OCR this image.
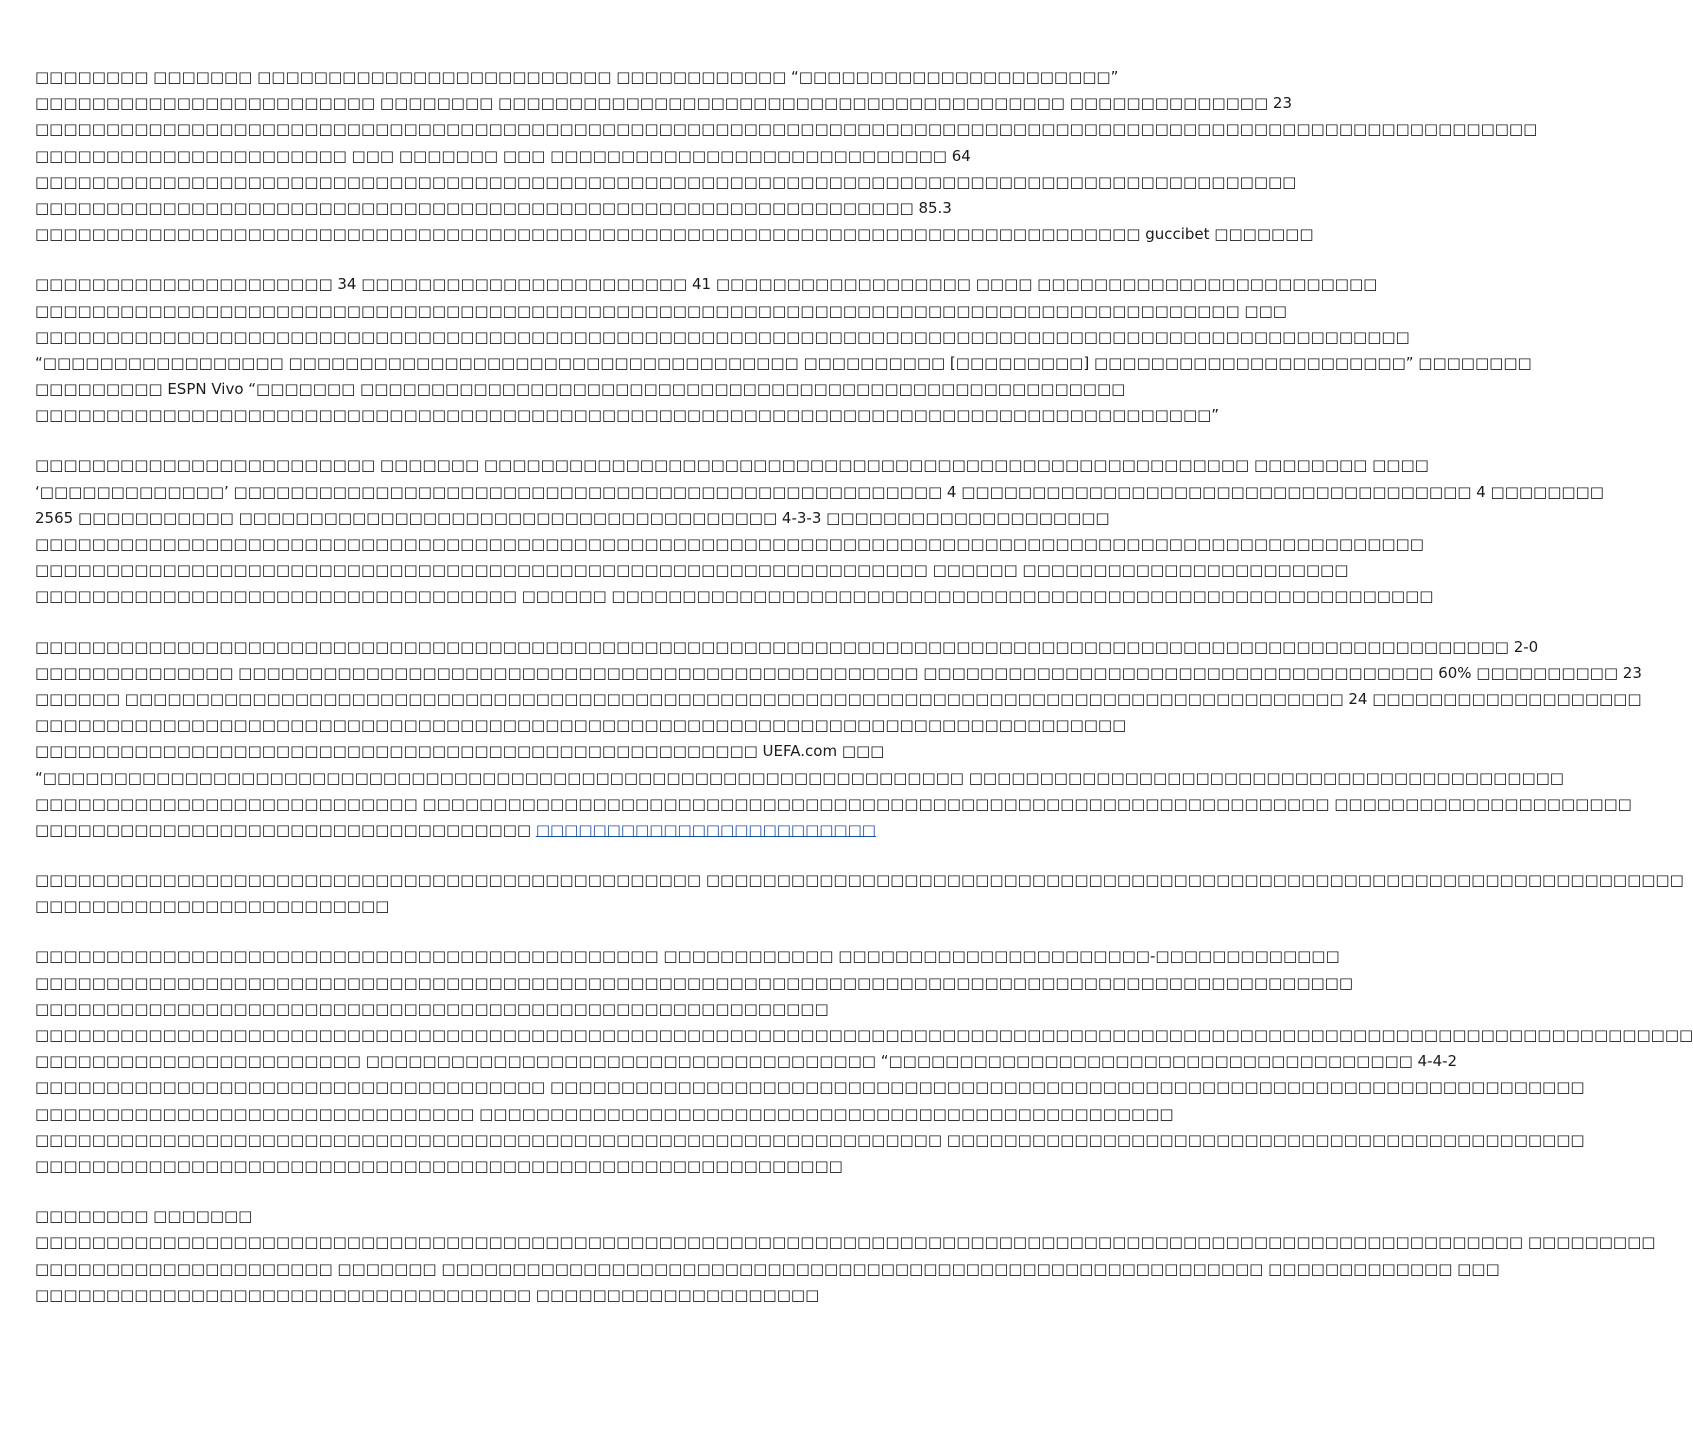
□□□□□□□□ □□□□□□□ □□□□□□□□□□□□□□□□□□□□□□□□□ □□□□□□□□□□□□ “□□□□□□□□□□□□□□□□□□□□□□”
□□□□□□□□□□□□□□□□□□□□□□□□ □□□□□□□□ □□□□□□□□□□□□□□□□□□□□□□□□□□□□□□□□□□□□□□□□ □□□□□□□□□□□□□□ 23
□□□□□□□□□□□□□□□□□□□□□□□□□□□□□□□□□□□□□□□□□□□□□□□□□□□□□□□□□□□□□□□□□□□□□□□□□□□□□□□□□□□□□□□□□□□□□□□□□□□□□□□□□□
□□□□□□□□□□□□□□□□□□□□□□ □□□ □□□□□□□ □□□ □□□□□□□□□□□□□□□□□□□□□□□□□□□□ 64
□□□□□□□□□□□□□□□□□□□□□□□□□□□□□□□□□□□□□□□□□□□□□□□□□□□□□□□□□□□□□□□□□□□□□□□□□□□□□□□□□□□□□□□□□
□□□□□□□□□□□□□□□□□□□□□□□□□□□□□□□□□□□□□□□□□□□□□□□□□□□□□□□□□□□□□□ 85.3
□□□□□□□□□□□□□□□□□□□□□□□□□□□□□□□□□□□□□□□□□□□□□□□□□□□□□□□□□□□□□□□□□□□□□□□□□□□□□□ guccibet □□□□□□□
□□□□□□□□□□□□□□□□□□□□□ 34 □□□□□□□□□□□□□□□□□□□□□□□ 41 □□□□□□□□□□□□□□□□□□ □□□□ □□□□□□□□□□□□□□□□□□□□□□□□
□□□□□□□□□□□□□□□□□□□□□□□□□□□□□□□□□□□□□□□□□□□□□□□□□□□□□□□□□□□□□□□□□□□□□□□□□□□□□□□□□□□□□ □□□
□□□□□□□□□□□□□□□□□□□□□□□□□□□□□□□□□□□□□□□□□□□□□□□□□□□□□□□□□□□□□□□□□□□□□□□□□□□□□□□□□□□□□□□□□□□□□□□□□
“□□□□□□□□□□□□□□□□□ □□□□□□□□□□□□□□□□□□□□□□□□□□□□□□□□□□□□ □□□□□□□□□□ [□□□□□□□□□] □□□□□□□□□□□□□□□□□□□□□□” □□□□□□□□
□□□□□□□□□ ESPN Vivo “□□□□□□□ □□□□□□□□□□□□□□□□□□□□□□□□□□□□□□□□□□□□□□□□□□□□□□□□□□□□□□
□□□□□□□□□□□□□□□□□□□□□□□□□□□□□□□□□□□□□□□□□□□□□□□□□□□□□□□□□□□□□□□□□□□□□□□□□□□□□□□□□□□”
□□□□□□□□□□□□□□□□□□□□□□□□ □□□□□□□ □□□□□□□□□□□□□□□□□□□□□□□□□□□□□□□□□□□□□□□□□□□□□□□□□□□□□□ □□□□□□□□ □□□□
‘□□□□□□□□□□□□□’ □□□□□□□□□□□□□□□□□□□□□□□□□□□□□□□□□□□□□□□□□□□□□□□□□□ 4 □□□□□□□□□□□□□□□□□□□□□□□□□□□□□□□□□□□□ 4 □□□□□□□□
2565 □□□□□□□□□□□ □□□□□□□□□□□□□□□□□□□□□□□□□□□□□□□□□□□□□□ 4-3-3 □□□□□□□□□□□□□□□□□□□□
□□□□□□□□□□□□□□□□□□□□□□□□□□□□□□□□□□□□□□□□□□□□□□□□□□□□□□□□□□□□□□□□□□□□□□□□□□□□□□□□□□□□□□□□□□□□□□□□□□
□□□□□□□□□□□□□□□□□□□□□□□□□□□□□□□□□□□□□□□□□□□□□□□□□□□□□□□□□□□□□□□ □□□□□□ □□□□□□□□□□□□□□□□□□□□□□□
□□□□□□□□□□□□□□□□□□□□□□□□□□□□□□□□□□ □□□□□□ □□□□□□□□□□□□□□□□□□□□□□□□□□□□□□□□□□□□□□□□□□□□□□□□□□□□□□□□□□
□□□□□□□□□□□□□□□□□□□□□□□□□□□□□□□□□□□□□□□□□□□□□□□□□□□□□□□□□□□□□□□□□□□□□□□□□□□□□□□□□□□□□□□□□□□□□□□□□□□□□□□□ 2-0
□□□□□□□□□□□□□□ □□□□□□□□□□□□□□□□□□□□□□□□□□□□□□□□□□□□□□□□□□□□□□□□ □□□□□□□□□□□□□□□□□□□□□□□□□□□□□□□□□□□□ 60% □□□□□□□□□□ 23
□□□□□□ □□□□□□□□□□□□□□□□□□□□□□□□□□□□□□□□□□□□□□□□□□□□□□□□□□□□□□□□□□□□□□□□□□□□□□□□□□□□□□□□□□□□□□ 24 □□□□□□□□□□□□□□□□□□□
□□□□□□□□□□□□□□□□□□□□□□□□□□□□□□□□□□□□□□□□□□□□□□□□□□□□□□□□□□□□□□□□□□□□□□□□□□□□□
□□□□□□□□□□□□□□□□□□□□□□□□□□□□□□□□□□□□□□□□□□□□□□□□□□□ UEFA.com □□□
“□□□□□□□□□□□□□□□□□□□□□□□□□□□□□□□□□□□□□□□□□□□□□□□□□□□□□□□□□□□□□□□□□ □□□□□□□□□□□□□□□□□□□□□□□□□□□□□□□□□□□□□□□□□□
□□□□□□□□□□□□□□□□□□□□□□□□□□□ □□□□□□□□□□□□□□□□□□□□□□□□□□□□□□□□□□□□□□□□□□□□□□□□□□□□□□□□□□□□□□□□ □□□□□□□□□□□□□□□□□□□□□
□□□□□□□□□□□□□□□□□□□□□□□□□□□□□□□□□□□ □□□□□□□□□□□□□□□□□□□□□□□□
□□□□□□□□□□□□□□□□□□□□□□□□□□□□□□□□□□□□□□□□□□□□□□□ □□□□□□□□□□□□□□□□□□□□□□□□□□□□□□□□□□□□□□□□□□□□□□□□□□□□□□□□□□□□□□□□□□□□□
□□□□□□□□□□□□□□□□□□□□□□□□□
□□□□□□□□□□□□□□□□□□□□□□□□□□□□□□□□□□□□□□□□□□□□ □□□□□□□□□□□□ □□□□□□□□□□□□□□□□□□□□□□-□□□□□□□□□□□□□
□□□□□□□□□□□□□□□□□□□□□□□□□□□□□□□□□□□□□□□□□□□□□□□□□□□□□□□□□□□□□□□□□□□□□□□□□□□□□□□□□□□□□□□□□□□□□
□□□□□□□□□□□□□□□□□□□□□□□□□□□□□□□□□□□□□□□□□□□□□□□□□□□□□□□□
□□□□□□□□□□□□□□□□□□□□□□□□□□□□□□□□□□□□□□□□□□□□□□□□□□□□□□□□□□□□□□□□□□□□□□□□□□□□□□□□□□□□□□□□□□□□□□□□□□□□□□□□□□□□□□□□□□□□□
□□□□□□□□□□□□□□□□□□□□□□□ □□□□□□□□□□□□□□□□□□□□□□□□□□□□□□□□□□□□ “□□□□□□□□□□□□□□□□□□□□□□□□□□□□□□□□□□□□□ 4-4-2
□□□□□□□□□□□□□□□□□□□□□□□□□□□□□□□□□□□□ □□□□□□□□□□□□□□□□□□□□□□□□□□□□□□□□□□□□□□□□□□□□□□□□□□□□□□□□□□□□□□□□□□□□□□□□□
□□□□□□□□□□□□□□□□□□□□□□□□□□□□□□□ □□□□□□□□□□□□□□□□□□□□□□□□□□□□□□□□□□□□□□□□□□□□□□□□□
□□□□□□□□□□□□□□□□□□□□□□□□□□□□□□□□□□□□□□□□□□□□□□□□□□□□□□□□□□□□□□□□ □□□□□□□□□□□□□□□□□□□□□□□□□□□□□□□□□□□□□□□□□□□□□
□□□□□□□□□□□□□□□□□□□□□□□□□□□□□□□□□□□□□□□□□□□□□□□□□□□□□□□□□
□□□□□□□□ □□□□□□□
□□□□□□□□□□□□□□□□□□□□□□□□□□□□□□□□□□□□□□□□□□□□□□□□□□□□□□□□□□□□□□□□□□□□□□□□□□□□□□□□□□□□□□□□□□□□□□□□□□□□□□□□□ □□□□□□□□□
□□□□□□□□□□□□□□□□□□□□□ □□□□□□□ □□□□□□□□□□□□□□□□□□□□□□□□□□□□□□□□□□□□□□□□□□□□□□□□□□□□□□□□□□ □□□□□□□□□□□□□ □□□
□□□□□□□□□□□□□□□□□□□□□□□□□□□□□□□□□□□ □□□□□□□□□□□□□□□□□□□□
